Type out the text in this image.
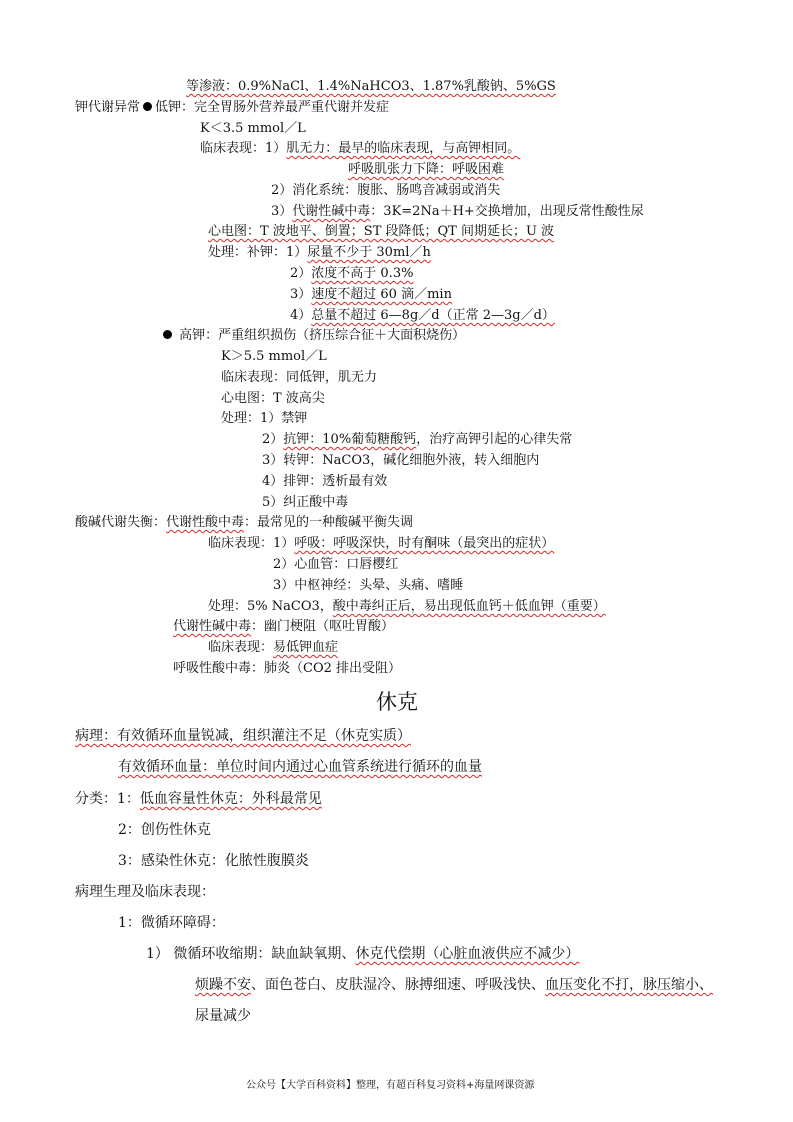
等渗液：0.9%NaCl、1.4%NaHCO3、1.87%乳酸钠、5%GS
钾代谢异常 低钾：完全胃肠外营养最严重代谢并发症
K＜3.5 mmol／L
临床表现：1）肌无力：最早的临床表现，与高钾相同。
呼吸肌张力下降：呼吸困难
2）消化系统：腹胀、肠鸣音减弱或消失
3）代谢性碱中毒：3K=2Na＋H+交换增加，出现反常性酸性尿
心电图：T 波地平、倒置；ST 段降低；QT 间期延长；U 波
处理：补钾：1）尿量不少于 30ml／h
2）浓度不高于 0.3%
3）速度不超过 60 滴／min
4）总量不超过 6—8g／d（正常 2—3g／d）
高钾：严重组织损伤（挤压综合征＋大面积烧伤）
K＞5.5 mmol／L
临床表现：同低钾，肌无力
心电图：T 波高尖
处理：1）禁钾
2）抗钾：10%葡萄糖酸钙，治疗高钾引起的心律失常
3）转钾：NaCO3，碱化细胞外液，转入细胞内
4）排钾：透析最有效
5）纠正酸中毒
酸碱代谢失衡：代谢性酸中毒：最常见的一种酸碱平衡失调
临床表现：1）呼吸：呼吸深快，时有酮味（最突出的症状）
2）心血管：口唇樱红
3）中枢神经：头晕、头痛、嗜睡
处理：5% NaCO3，酸中毒纠正后，易出现低血钙＋低血钾（重要）
代谢性碱中毒：幽门梗阻（呕吐胃酸）
临床表现：易低钾血症
呼吸性酸中毒：肺炎（CO2 排出受阻）
休克
病理：有效循环血量锐减，组织灌注不足（休克实质）
有效循环血量：单位时间内通过心血管系统进行循环的血量
分类：1：低血容量性休克：外科最常见
2：创伤性休克
3：感染性休克：化脓性腹膜炎
病理生理及临床表现：
1：微循环障碍：
1） 微循环收缩期：缺血缺氧期、休克代偿期（心脏血液供应不减少）
烦躁不安、面色苍白、皮肤湿冷、脉搏细速、呼吸浅快、血压变化不打，脉压缩小、
尿量减少
公众号【大学百科资料】整理，有超百科复习资料+海量网课资源
